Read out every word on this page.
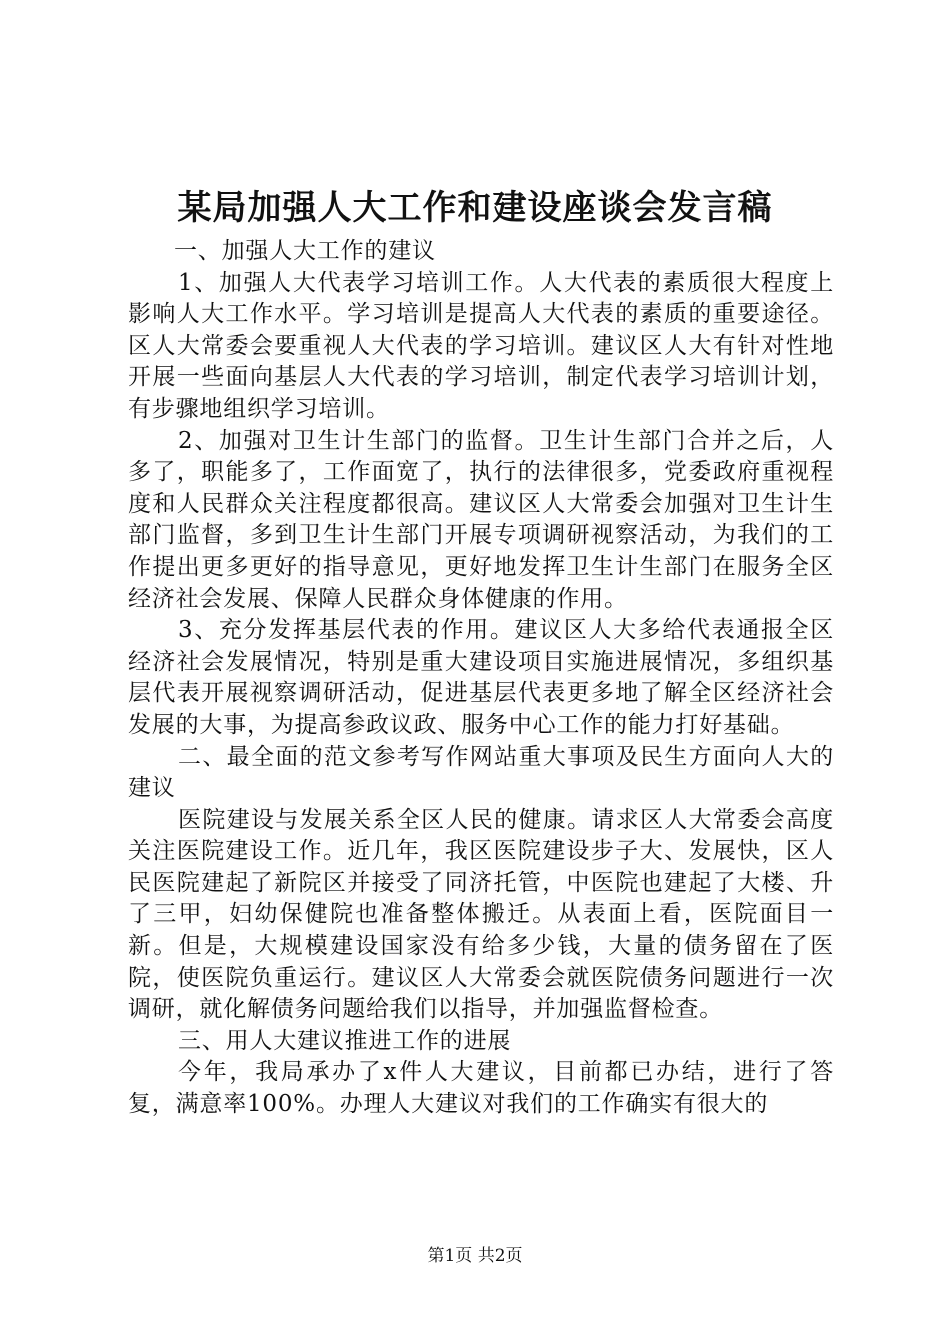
某局加强人大工作和建设座谈会发言稿

一、加强人大工作的建议

1、加强人大代表学习培训工作。人大代表的素质很大程度上影响人大工作水平。学习培训是提高人大代表的素质的重要途径。区人大常委会要重视人大代表的学习培训。建议区人大有针对性地开展一些面向基层人大代表的学习培训，制定代表学习培训计划，有步骤地组织学习培训。

2、加强对卫生计生部门的监督。卫生计生部门合并之后，人多了，职能多了，工作面宽了，执行的法律很多，党委政府重视程度和人民群众关注程度都很高。建议区人大常委会加强对卫生计生部门监督，多到卫生计生部门开展专项调研视察活动，为我们的工作提出更多更好的指导意见，更好地发挥卫生计生部门在服务全区经济社会发展、保障人民群众身体健康的作用。

3、充分发挥基层代表的作用。建议区人大多给代表通报全区经济社会发展情况，特别是重大建设项目实施进展情况，多组织基层代表开展视察调研活动，促进基层代表更多地了解全区经济社会发展的大事，为提高参政议政、服务中心工作的能力打好基础。

二、最全面的范文参考写作网站重大事项及民生方面向人大的建议

医院建设与发展关系全区人民的健康。请求区人大常委会高度关注医院建设工作。近几年，我区医院建设步子大、发展快，区人民医院建起了新院区并接受了同济托管，中医院也建起了大楼、升了三甲，妇幼保健院也准备整体搬迁。从表面上看，医院面目一新。但是，大规模建设国家没有给多少钱，大量的债务留在了医院，使医院负重运行。建议区人大常委会就医院债务问题进行一次调研，就化解债务问题给我们以指导，并加强监督检查。

三、用人大建议推进工作的进展

今年，我局承办了x件人大建议，目前都已办结，进行了答复，满意率100%。办理人大建议对我们的工作确实有很大的

第1页 共2页
